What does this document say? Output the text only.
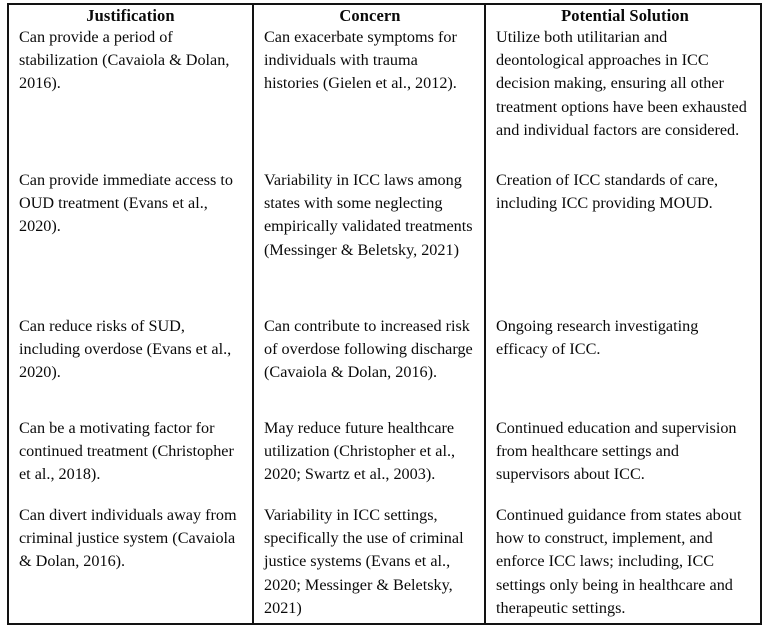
Justification
Can provide a period of stabilization (Cavaiola & Dolan, 2016).
Can provide immediate access to OUD treatment (Evans et al., 2020).
Can reduce risks of SUD, including overdose (Evans et al., 2020).
Can be a motivating factor for continued treatment (Christopher et al., 2018).
Can divert individuals away from criminal justice system (Cavaiola & Dolan, 2016).
Concern
Can exacerbate symptoms for individuals with trauma histories (Gielen et al., 2012).
Variability in ICC laws among states with some neglecting empirically validated treatments (Messinger & Beletsky, 2021)
Can contribute to increased risk of overdose following discharge (Cavaiola & Dolan, 2016).
May reduce future healthcare utilization (Christopher et al., 2020; Swartz et al., 2003).
Variability in ICC settings, specifically the use of criminal justice systems (Evans et al., 2020; Messinger & Beletsky, 2021)
Potential Solution
Utilize both utilitarian and deontological approaches in ICC decision making, ensuring all other treatment options have been exhausted and individual factors are considered.
Creation of ICC standards of care, including ICC providing MOUD.
Ongoing research investigating efficacy of ICC.
Continued education and supervision from healthcare settings and supervisors about ICC.
Continued guidance from states about how to construct, implement, and enforce ICC laws; including, ICC settings only being in healthcare and therapeutic settings.
